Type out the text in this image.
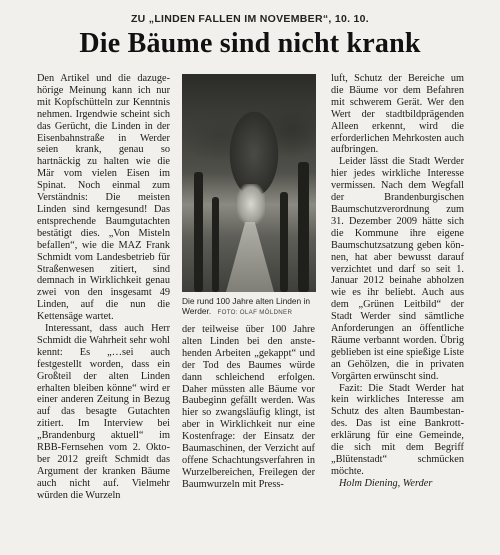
ZU „LINDEN FALLEN IM NOVEMBER“, 10. 10.
Die Bäume sind nicht krank

Den Artikel und die dazugehörige Meinung kann ich nur mit Kopfschütteln zur Kenntnis nehmen. Irgendwie scheint sich das Gerücht, die Linden in der Eisenbahnstraße in Werder seien krank, genau so hartnäckig zu halten wie die Mär vom vielen Eisen im Spinat. Noch einmal zum Verständnis: Die meisten Linden sind kerngesund! Das entsprechende Baumgutachten bestätigt dies. „Von Misteln befallen“, wie die MAZ Frank Schmidt vom Landesbetrieb für Straßenwesen zitiert, sind demnach in Wirklichkeit genau zwei von den insgesamt 49 Linden, auf die nun die Kettensäge wartet.

Interessant, dass auch Herr Schmidt die Wahrheit sehr wohl kennt: Es „…sei auch festgestellt worden, dass ein Großteil der alten Linden erhalten bleiben könne“ wird er einer anderen Zeitung in Bezug auf das besagte Gutachten zitiert. Im Interview bei „Brandenburg aktuell“ im RBB-Fernsehen vom 2. Oktober 2012 greift Schmidt das Argument der kranken Bäume auch nicht auf. Vielmehr würden die Wurzeln

Die rund 100 Jahre alten Linden in Werder. FOTO: OLAF MÖLDNER

der teilweise über 100 Jahre alten Linden bei den anstehenden Arbeiten „gekappt“ und der Tod des Baumes würde dann schleichend erfolgen. Daher müssten alle Bäume vor Baubeginn gefällt werden. Was hier so zwangsläufig klingt, ist aber in Wirklichkeit nur eine Kostenfrage: der Einsatz der Baumaschinen, der Verzicht auf offene Schachtungsverfahren in Wurzelbereichen, Freilegen der Baumwurzeln mit Press-

luft, Schutz der Bereiche um die Bäume vor dem Befahren mit schwerem Gerät. Wer den Wert der stadtbildprägenden Alleen erkennt, wird die erforderlichen Mehrkosten auch aufbringen.

Leider lässt die Stadt Werder hier jedes wirkliche Interesse vermissen. Nach dem Wegfall der Brandenburgischen Baumschutzverordnung zum 31. Dezember 2009 hätte sich die Kommune ihre eigene Baumschutzsatzung geben können, hat aber bewusst darauf verzichtet und darf so seit 1. Januar 2012 beinahe abholzen wie es ihr beliebt. Auch aus dem „Grünen Leitbild“ der Stadt Werder sind sämtliche Anforderungen an öffentliche Räume verbannt worden. Übrig geblieben ist eine spießige Liste an Gehölzen, die in privaten Vorgärten erwünscht sind.

Fazit: Die Stadt Werder hat kein wirkliches Interesse am Schutz des alten Baumbestandes. Das ist eine Bankrotterklärung für eine Gemeinde, die sich mit dem Begriff „Blütenstadt“ schmücken möchte.

Holm Diening, Werder
